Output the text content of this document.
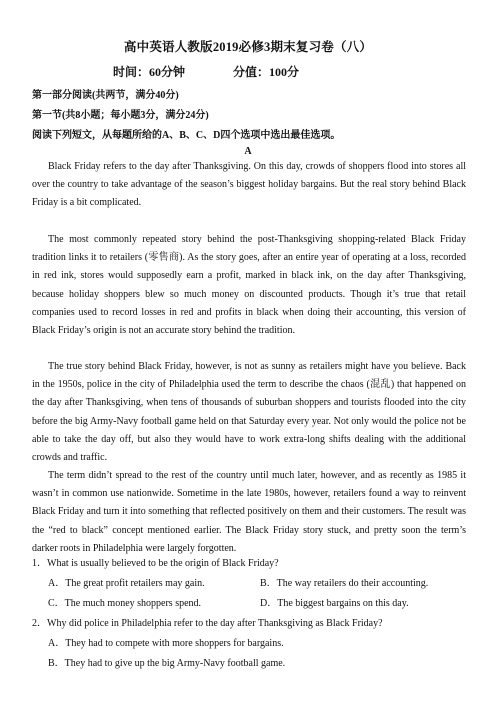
高中英语人教版2019必修3期末复习卷（八）
时间：60分钟	分值：100分
第一部分阅读(共两节，满分40分)
第一节(共8小题；每小题3分，满分24分)
阅读下列短文，从每题所给的A、B、C、D四个选项中选出最佳选项。
A

Black Friday refers to the day after Thanksgiving. On this day, crowds of shoppers flood into stores all over the country to take advantage of the season’s biggest holiday bargains. But the real story behind Black Friday is a bit complicated.

The most commonly repeated story behind the post-Thanksgiving shopping-related Black Friday tradition links it to retailers (零售商). As the story goes, after an entire year of operating at a loss, recorded in red ink, stores would supposedly earn a profit, marked in black ink, on the day after Thanksgiving, because holiday shoppers blew so much money on discounted products. Though it’s true that retail companies used to record losses in red and profits in black when doing their accounting, this version of Black Friday’s origin is not an accurate story behind the tradition.

The true story behind Black Friday, however, is not as sunny as retailers might have you believe. Back in the 1950s, police in the city of Philadelphia used the term to describe the chaos (混乱) that happened on the day after Thanksgiving, when tens of thousands of suburban shoppers and tourists flooded into the city before the big Army-Navy football game held on that Saturday every year. Not only would the police not be able to take the day off, but also they would have to work extra-long shifts dealing with the additional crowds and traffic.

The term didn’t spread to the rest of the country until much later, however, and as recently as 1985 it wasn’t in common use nationwide. Sometime in the late 1980s, however, retailers found a way to reinvent Black Friday and turn it into something that reflected positively on them and their customers. The result was the “red to black” concept mentioned earlier. The Black Friday story stuck, and pretty soon the term’s darker roots in Philadelphia were largely forgotten.

1．What is usually believed to be the origin of Black Friday?
A．The great profit retailers may gain.	B．The way retailers do their accounting.
C．The much money shoppers spend.	D．The biggest bargains on this day.
2．Why did police in Philadelphia refer to the day after Thanksgiving as Black Friday?
A．They had to compete with more shoppers for bargains.
B．They had to give up the big Army-Navy football game.
